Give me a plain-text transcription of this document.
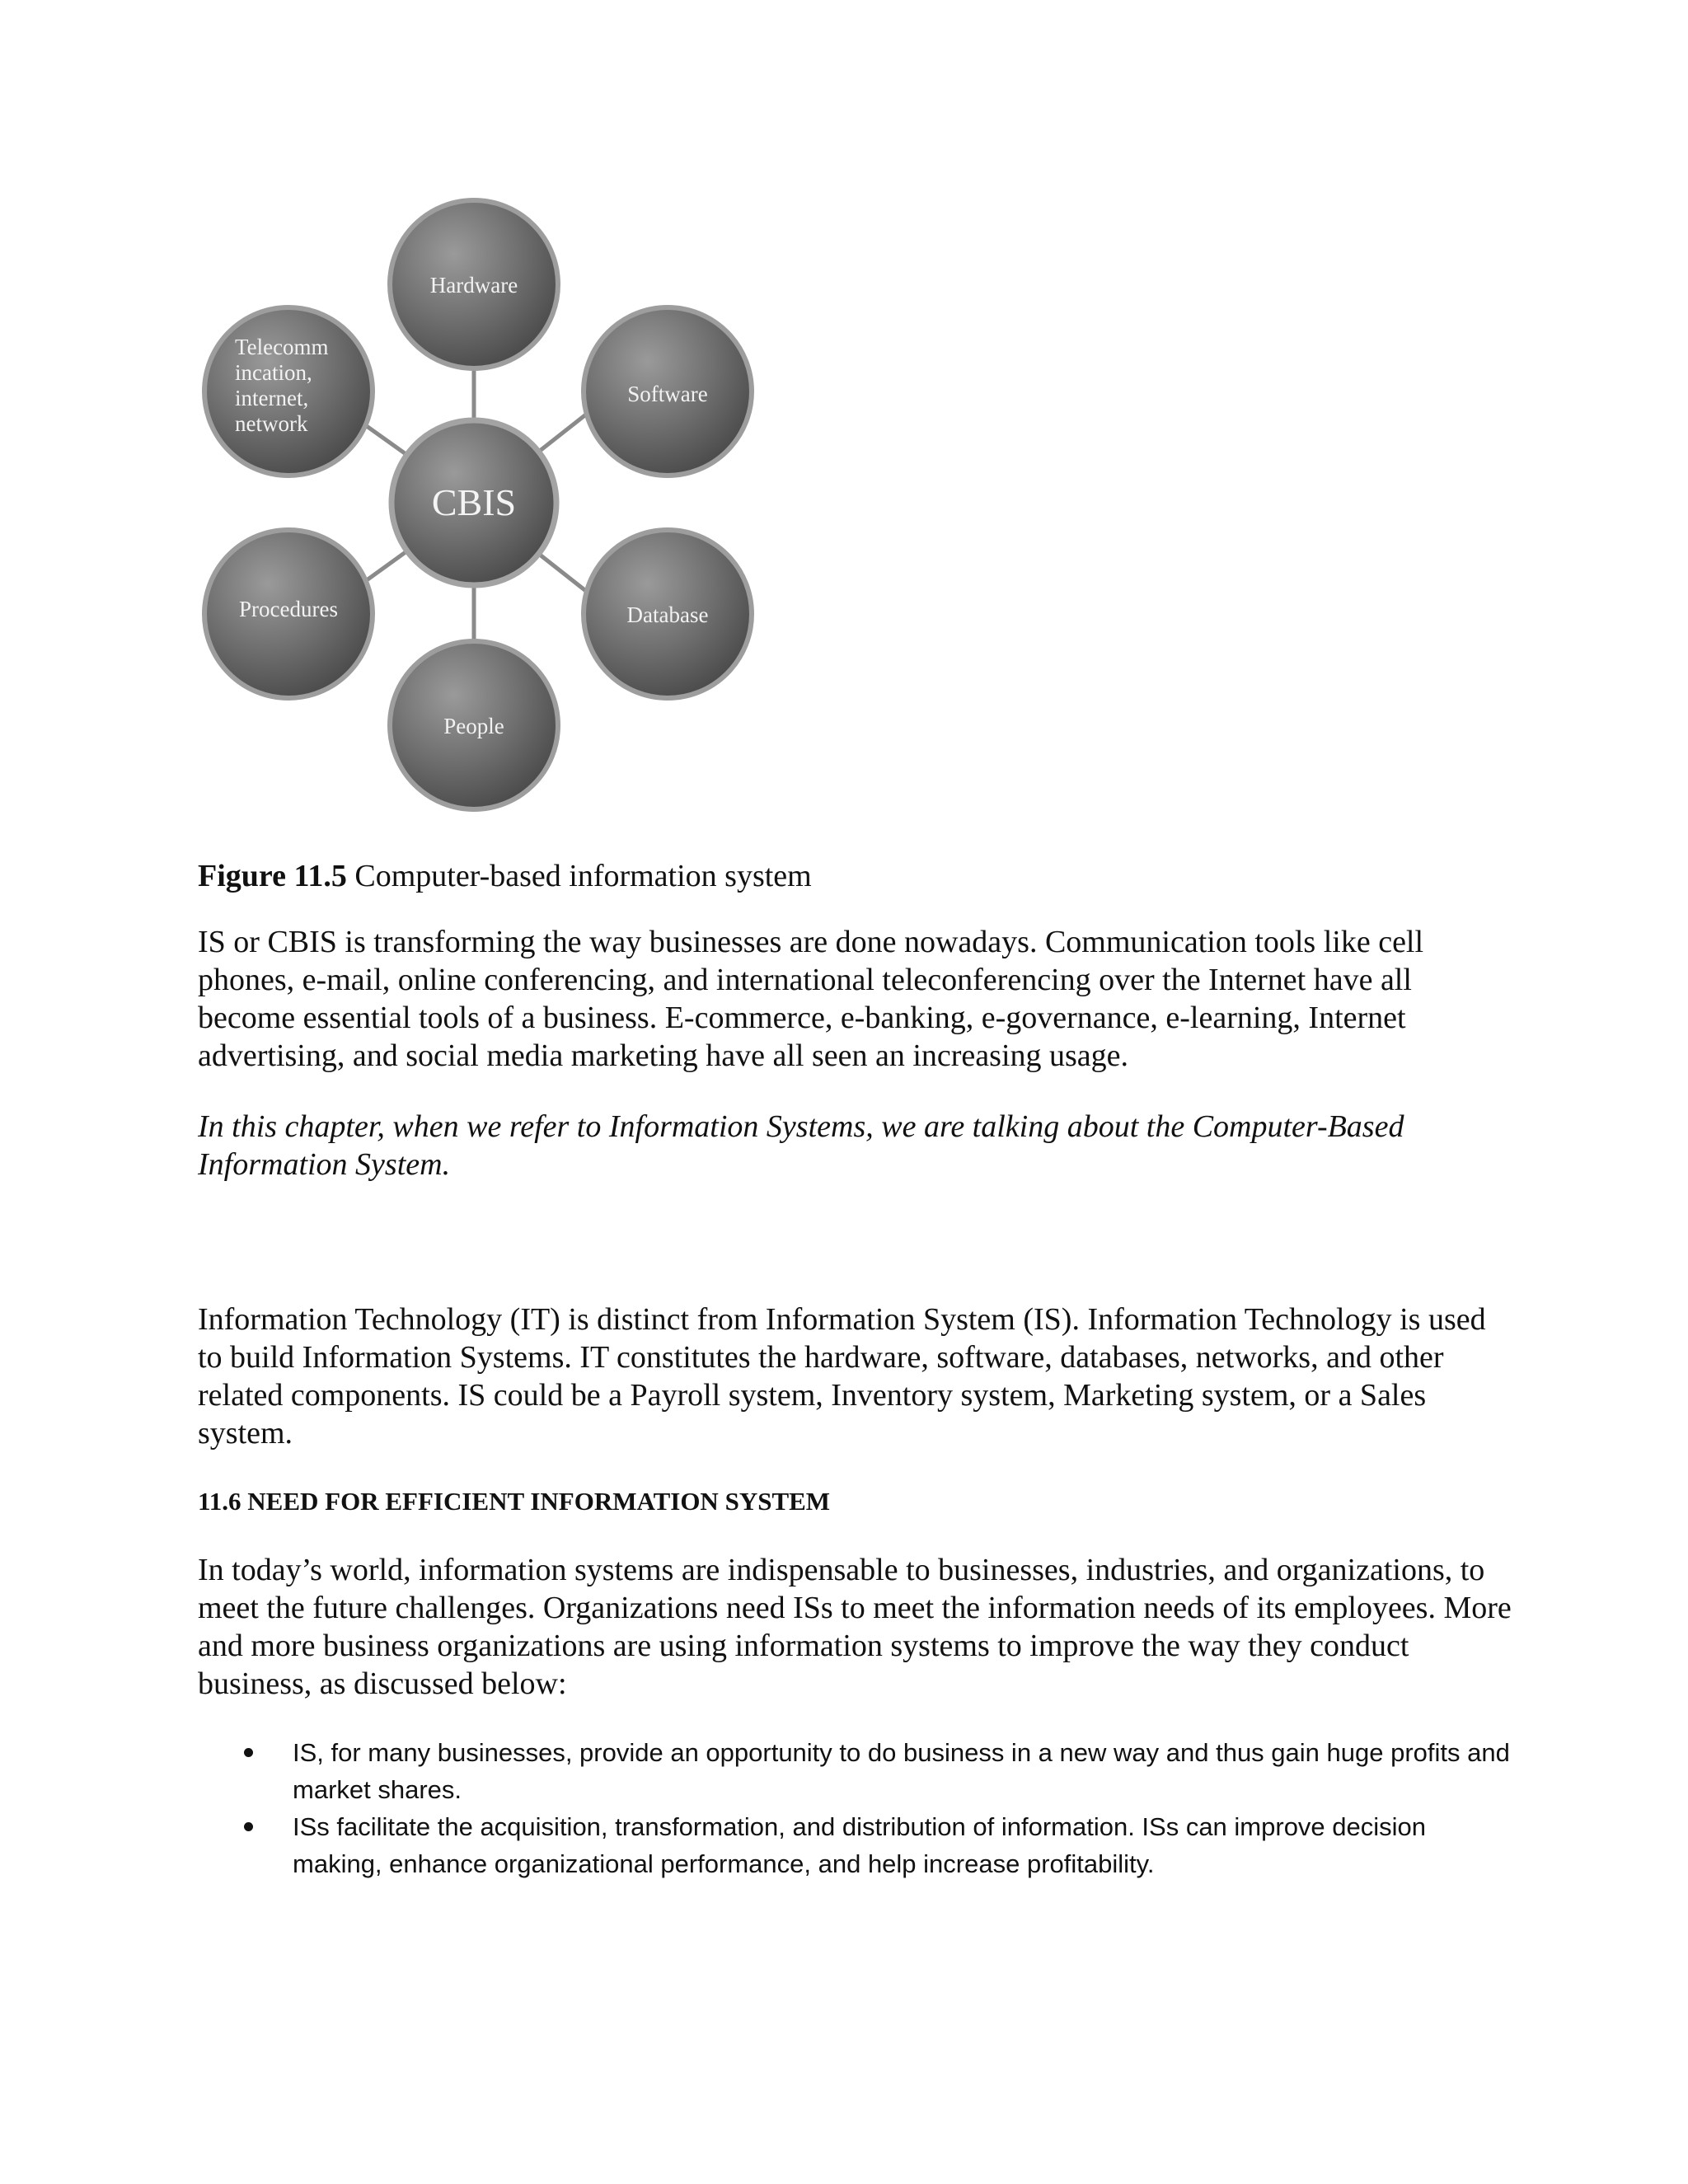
Hardware
Software
Database
People
Procedures
Telecomm
incation,
internet,
network
CBIS

Figure 11.5 Computer-based information system

IS or CBIS is transforming the way businesses are done nowadays. Communication tools like cell phones, e-mail, online conferencing, and international teleconferencing over the Internet have all become essential tools of a business. E-commerce, e-banking, e-governance, e-learning, Internet advertising, and social media marketing have all seen an increasing usage.

In this chapter, when we refer to Information Systems, we are talking about the Computer-Based Information System.

Information Technology (IT) is distinct from Information System (IS). Information Technology is used to build Information Systems. IT constitutes the hardware, software, databases, networks, and other related components. IS could be a Payroll system, Inventory system, Marketing system, or a Sales system.

11.6 NEED FOR EFFICIENT INFORMATION SYSTEM

In today’s world, information systems are indispensable to businesses, industries, and organizations, to meet the future challenges. Organizations need ISs to meet the information needs of its employees. More and more business organizations are using information systems to improve the way they conduct business, as discussed below:

IS, for many businesses, provide an opportunity to do business in a new way and thus gain huge profits and market shares.
ISs facilitate the acquisition, transformation, and distribution of information. ISs can improve decision making, enhance organizational performance, and help increase profitability.
